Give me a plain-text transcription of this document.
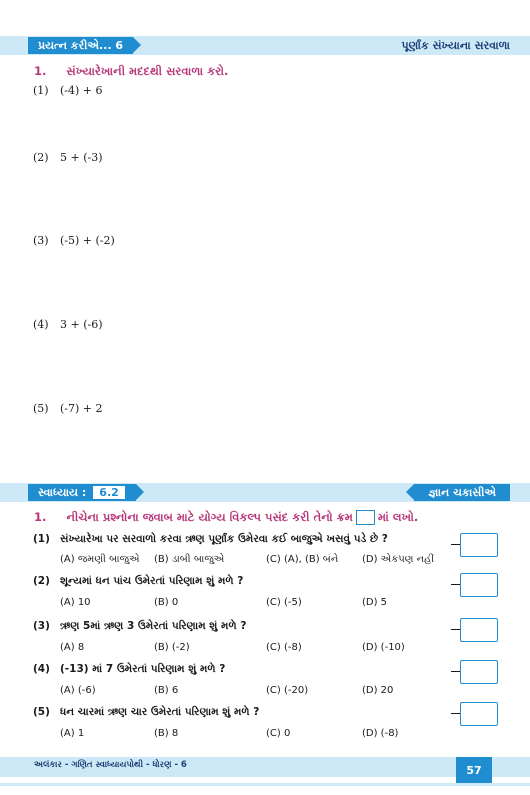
પ્રયત્ન કરીએ... 6	પૂર્ણાંક સંખ્યાના સરવાળા
1. સંખ્યારેખાની મદદથી સરવાળા કરો.
(1) (-4) + 6
(2) 5 + (-3)
(3) (-5) + (-2)
(4) 3 + (-6)
(5) (-7) + 2
સ્વાધ્યાય : 6.2	જ્ઞાન ચકાસીએ
1. નીચેના પ્રશ્નોના જવાબ માટે યોગ્ય વિકલ્પ પસંદ કરી તેનો ક્રમ માં લખો.
(1) સંખ્યારેખા પર સરવાળો કરવા ઋણ પૂર્ણાંક ઉમેરવા કઈ બાજુએ ખસવું પડે છે ?
(A) જમણી બાજુએ (B) ડાબી બાજુએ	(C) (A), (B) બંને (D) એકપણ નહીં
(2) શૂન્યમાં ધન પાંચ ઉમેરતાં પરિણામ શું મળે ?
(A) 10	(B) 0	(C) (-5)	(D) 5
(3) ઋણ 5માં ઋણ 3 ઉમેરતાં પરિણામ શું મળે ?
(A) 8	(B) (-2)	(C) (-8)	(D) (-10)
(4) (-13) માં 7 ઉમેરતાં પરિણામ શું મળે ?
(A) (-6)	(B) 6	(C) (-20)	(D) 20
(5) ધન ચારમાં ઋણ ચાર ઉમેરતાં પરિણામ શું મળે ?
(A) 1	(B) 8	(C) 0	(D) (-8)
અલંકાર - ગણિત સ્વાધ્યાયપોથી - ધોરણ - 6	57
